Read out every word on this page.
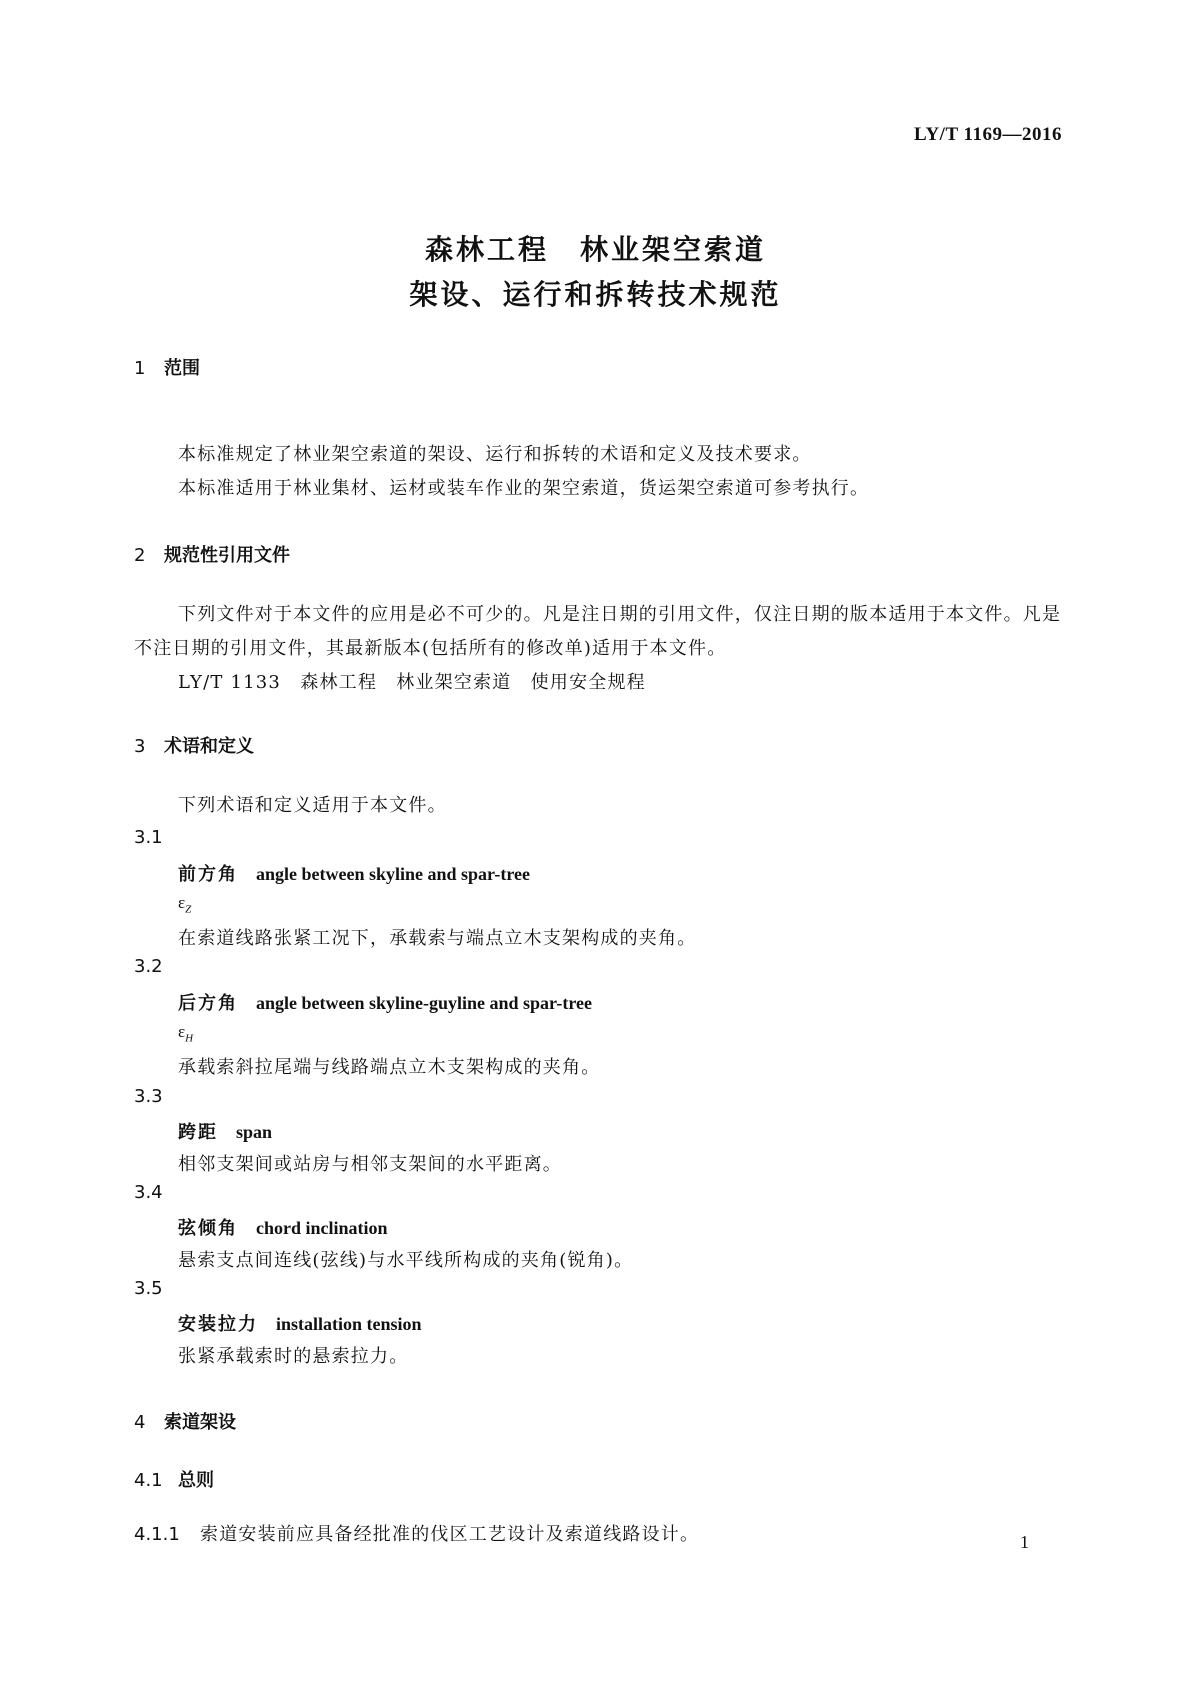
LY/T 1169—2016
森林工程　林业架空索道
架设、运行和拆转技术规范
1 范围
本标准规定了林业架空索道的架设、运行和拆转的术语和定义及技术要求。
本标准适用于林业集材、运材或装车作业的架空索道，货运架空索道可参考执行。
2 规范性引用文件
下列文件对于本文件的应用是必不可少的。凡是注日期的引用文件，仅注日期的版本适用于本文件。凡是不注日期的引用文件，其最新版本(包括所有的修改单)适用于本文件。
LY/T 1133　森林工程　林业架空索道　使用安全规程
3 术语和定义
下列术语和定义适用于本文件。
3.1
前方角 angle between skyline and spar-tree
$\varepsilon_Z$
在索道线路张紧工况下，承载索与端点立木支架构成的夹角。
3.2
后方角 angle between skyline-guyline and spar-tree
$\varepsilon_H$
承载索斜拉尾端与线路端点立木支架构成的夹角。
3.3
跨距 span
相邻支架间或站房与相邻支架间的水平距离。
3.4
弦倾角 chord inclination
悬索支点间连线(弦线)与水平线所构成的夹角(锐角)。
3.5
安装拉力 installation tension
张紧承载索时的悬索拉力。
4 索道架设
4.1 总则
4.1.1 索道安装前应具备经批准的伐区工艺设计及索道线路设计。	1
